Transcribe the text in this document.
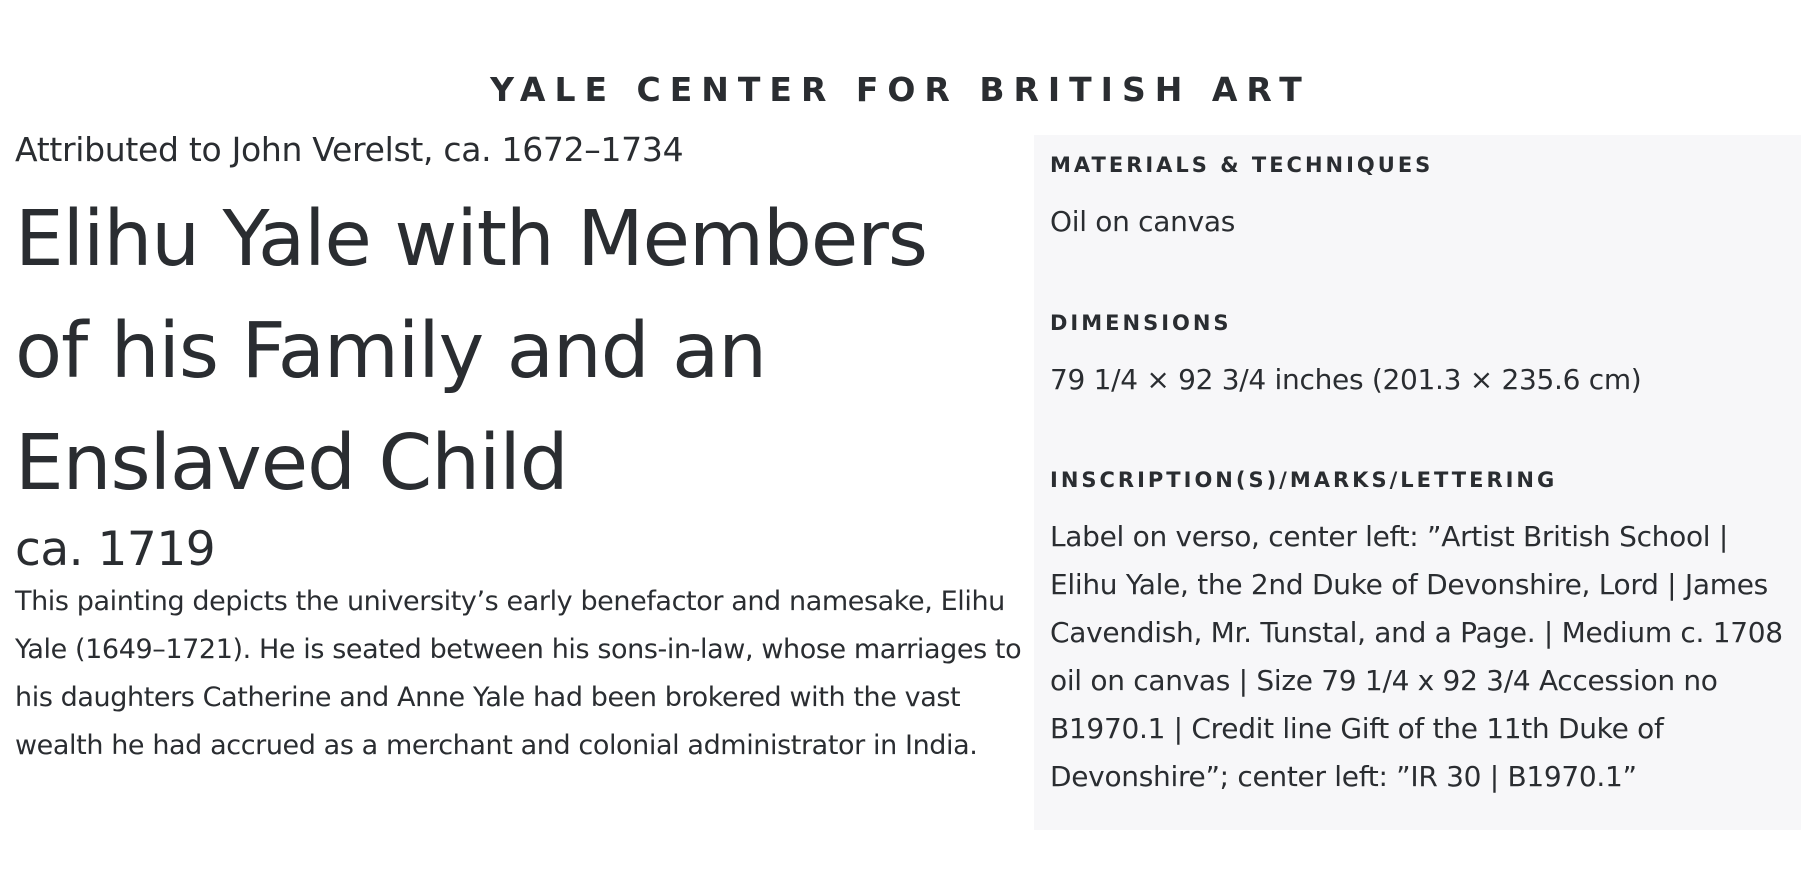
YALE CENTER FOR BRITISH ART

Attributed to John Verelst, ca. 1672–1734

Elihu Yale with Members of his Family and an Enslaved Child

ca. 1719

This painting depicts the university’s early benefactor and namesake, Elihu Yale (1649–1721). He is seated between his sons-in-law, whose marriages to his daughters Catherine and Anne Yale had been brokered with the vast wealth he had accrued as a merchant and colonial administrator in India.

MATERIALS & TECHNIQUES

Oil on canvas

DIMENSIONS

79 1/4 × 92 3/4 inches (201.3 × 235.6 cm)

INSCRIPTION(S)/MARKS/LETTERING

Label on verso, center left: ”Artist British School | Elihu Yale, the 2nd Duke of Devonshire, Lord | James Cavendish, Mr. Tunstal, and a Page. | Medium c. 1708 oil on canvas | Size 79 1/4 x 92 3/4 Accession no B1970.1 | Credit line Gift of the 11th Duke of Devonshire”; center left: ”IR 30 | B1970.1”
